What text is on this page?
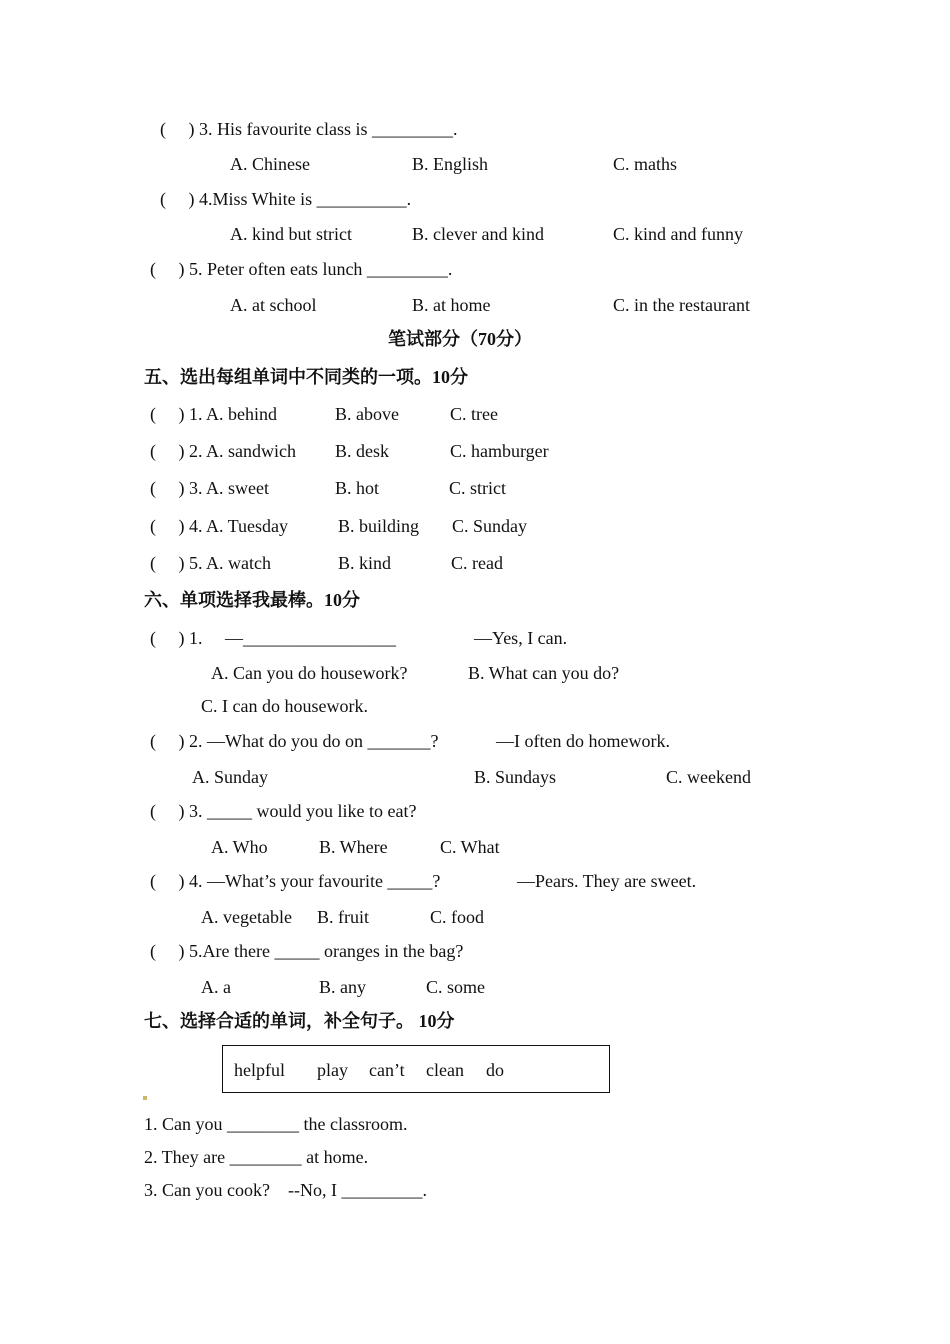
(　 ) 3. His favourite class is _________.
A. Chinese	B. English	C. maths
(　 ) 4.Miss White is __________.
A. kind but strict	B. clever and kind	C. kind and funny
(　 ) 5. Peter often eats lunch _________.
A. at school	B. at home	C. in the restaurant
笔试部分（70分）
五、选出每组单词中不同类的一项。10分
(　 ) 1. A. behind	B. above	C. tree
(　 ) 2. A. sandwich B. desk	C. hamburger
(　 ) 3. A. sweet	B. hot	C. strict
(　 ) 4. A. Tuesday	B. building C. Sunday
(　 ) 5. A. watch	B. kind	C. read
六、单项选择我最棒。10分
(　 ) 1.　 —_________________	—Yes, I can.
A. Can you do housework?	B. What can you do?
C. I can do housework.
(　 ) 2. —What do you do on _______?	—I often do homework.
A. Sunday	B. Sundays	C. weekend
(　 ) 3. _____ would you like to eat?
A. Who	B. Where	C. What
(　 ) 4. —What’s your favourite _____?	—Pears. They are sweet.
A. vegetable B. fruit	C. food
(　 ) 5.Are there _____ oranges in the bag?
A. a	B. any	C. some
七、选择合适的单词，补全句子。 10分
helpful play can’t clean do
1. Can you ________ the classroom.
2. They are ________ at home.
3. Can you cook?　--No, I _________.
